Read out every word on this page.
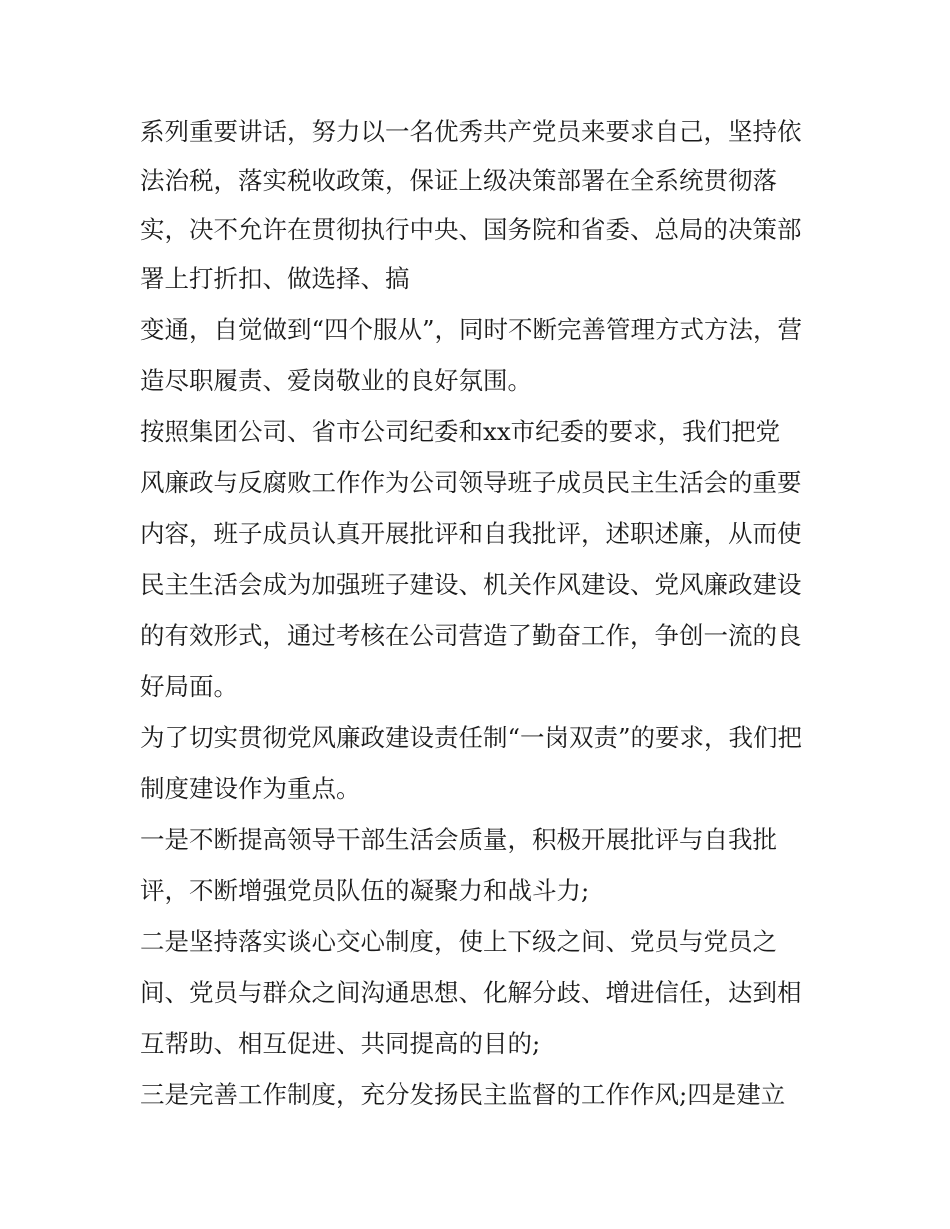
系列重要讲话，努力以一名优秀共产党员来要求自己，坚持依
法治税，落实税收政策，保证上级决策部署在全系统贯彻落
实，决不允许在贯彻执行中央、国务院和省委、总局的决策部
署上打折扣、做选择、搞
变通，自觉做到“四个服从”，同时不断完善管理方式方法，营
造尽职履责、爱岗敬业的良好氛围。
按照集团公司、省市公司纪委和xx市纪委的要求，我们把党
风廉政与反腐败工作作为公司领导班子成员民主生活会的重要
内容，班子成员认真开展批评和自我批评，述职述廉，从而使
民主生活会成为加强班子建设、机关作风建设、党风廉政建设
的有效形式，通过考核在公司营造了勤奋工作，争创一流的良
好局面。
为了切实贯彻党风廉政建设责任制“一岗双责”的要求，我们把
制度建设作为重点。
一是不断提高领导干部生活会质量，积极开展批评与自我批
评，不断增强党员队伍的凝聚力和战斗力;
二是坚持落实谈心交心制度，使上下级之间、党员与党员之
间、党员与群众之间沟通思想、化解分歧、增进信任，达到相
互帮助、相互促进、共同提高的目的;
三是完善工作制度，充分发扬民主监督的工作作风;四是建立
